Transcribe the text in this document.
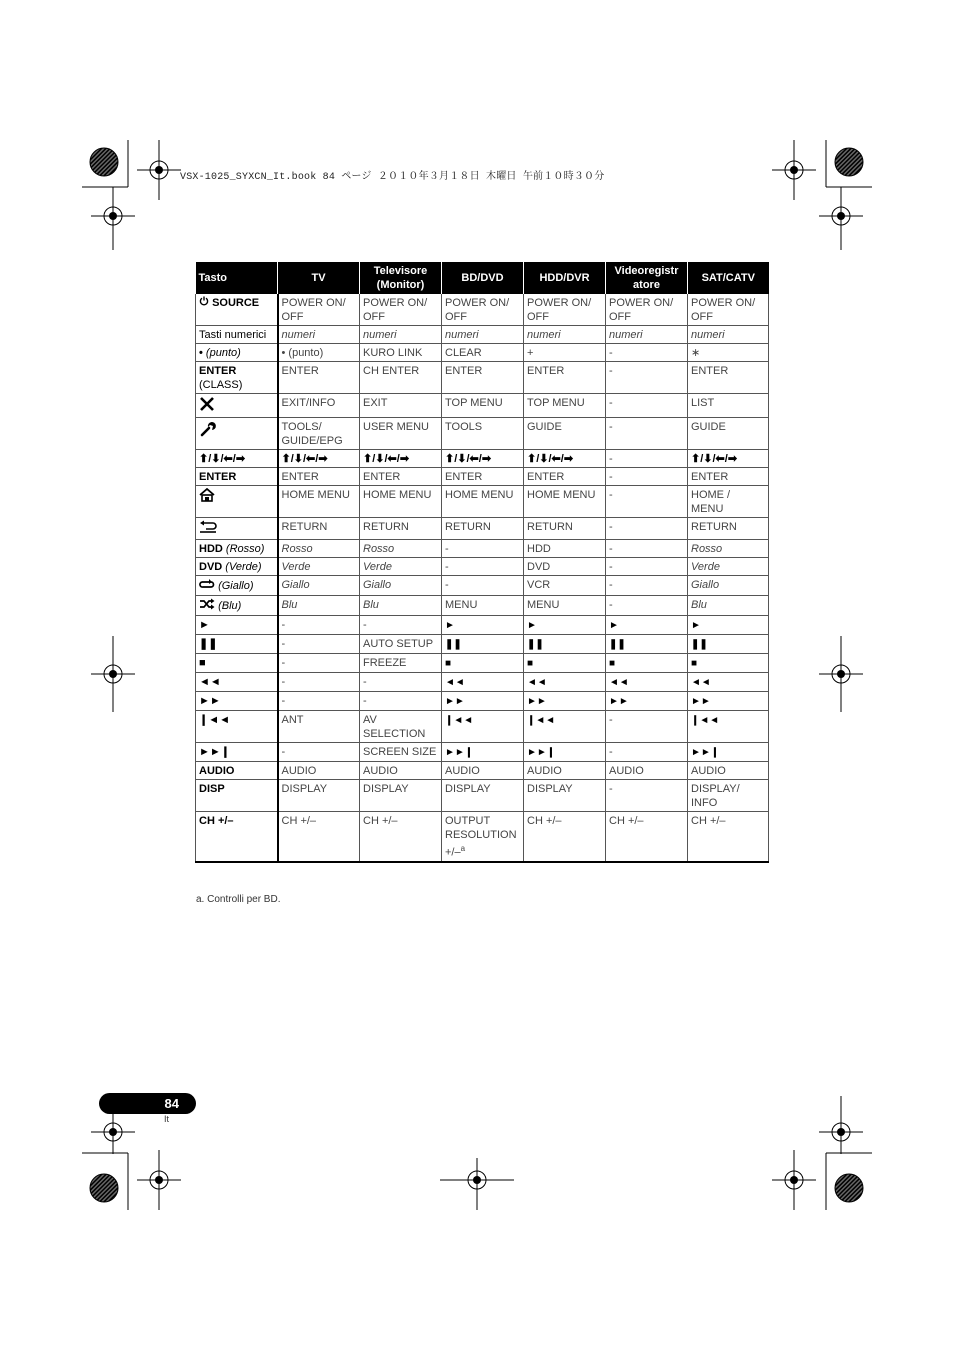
VSX-1025_SYXCN_It.book 84 ページ ２０１０年３月１８日 木曜日 午前１０時３０分
Tasto	TV	Televisore (Monitor)	BD/DVD	HDD/DVR	Videoregistr atore	SAT/CATV
SOURCE	POWER ON/ OFF	POWER ON/ OFF	POWER ON/ OFF	POWER ON/ OFF	POWER ON/ OFF	POWER ON/ OFF
Tasti numerici	numeri	numeri	numeri	numeri	numeri	numeri
• (punto)	• (punto)	KURO LINK	CLEAR	+	-	∗
ENTER
(CLASS)	ENTER	CH ENTER	ENTER	ENTER	-	ENTER
	EXIT/INFO	EXIT	TOP MENU	TOP MENU	-	LIST
	TOOLS/ GUIDE/EPG	USER MENU	TOOLS	GUIDE	-	GUIDE
⬆/⬇/⬅/➡	⬆/⬇/⬅/➡	⬆/⬇/⬅/➡	⬆/⬇/⬅/➡	⬆/⬇/⬅/➡	-	⬆/⬇/⬅/➡
ENTER	ENTER	ENTER	ENTER	ENTER	-	ENTER
	HOME MENU	HOME MENU	HOME MENU	HOME MENU	-	HOME / MENU
	RETURN	RETURN	RETURN	RETURN	-	RETURN
HDD (Rosso)	Rosso	Rosso	-	HDD	-	Rosso
DVD (Verde)	Verde	Verde	-	DVD	-	Verde
(Giallo)	Giallo	Giallo	-	VCR	-	Giallo
(Blu)	Blu	Blu	MENU	MENU	-	Blu
►	-	-	►	►	►	►
❚❚	-	AUTO SETUP	❚❚	❚❚	❚❚	❚❚
■	-	FREEZE	■	■	■	■
◄◄	-	-	◄◄	◄◄	◄◄	◄◄
►►	-	-	►►	►►	►►	►►
❙◄◄	ANT	AV SELECTION	❙◄◄	❙◄◄	-	❙◄◄
►►❙	-	SCREEN SIZE	►►❙	►►❙	-	►►❙
AUDIO	AUDIO	AUDIO	AUDIO	AUDIO	AUDIO	AUDIO
DISP	DISPLAY	DISPLAY	DISPLAY	DISPLAY	-	DISPLAY/ INFO
CH +/–	CH +/–	CH +/–	OUTPUT RESOLUTION +/–$^a$	CH +/–	CH +/–	CH +/–
a. Controlli per BD.
84
It
